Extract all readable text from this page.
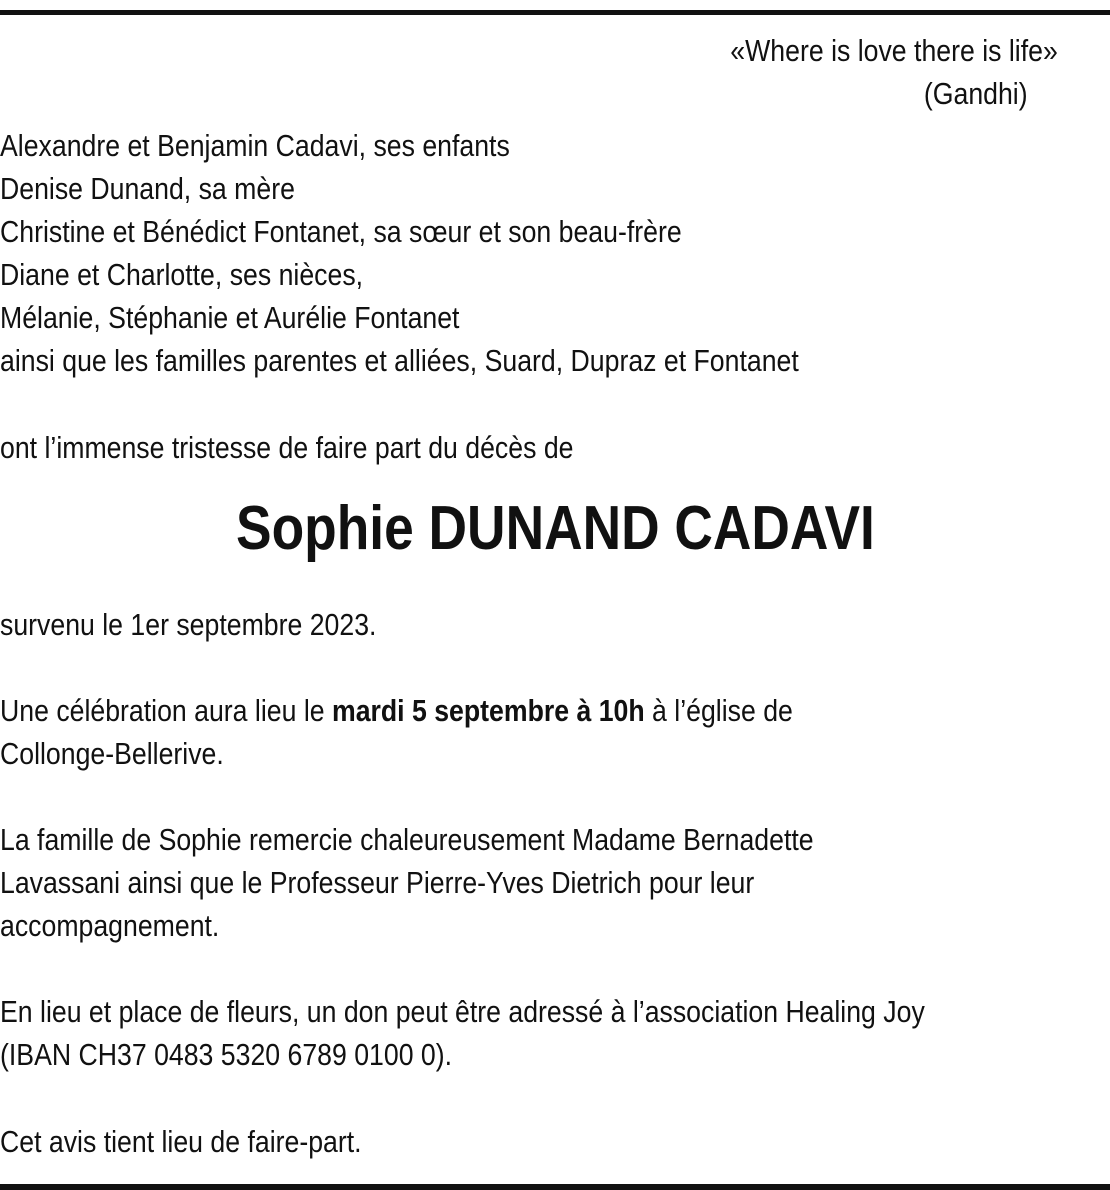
«Where is love there is life»
(Gandhi)
Alexandre et Benjamin Cadavi, ses enfants
Denise Dunand, sa mère
Christine et Bénédict Fontanet, sa sœur et son beau-frère
Diane et Charlotte, ses nièces,
Mélanie, Stéphanie et Aurélie Fontanet
ainsi que les familles parentes et alliées, Suard, Dupraz et Fontanet
ont l’immense tristesse de faire part du décès de
Sophie DUNAND CADAVI
survenu le 1er septembre 2023.
Une célébration aura lieu le mardi 5 septembre à 10h à l’église de
Collonge-Bellerive.
La famille de Sophie remercie chaleureusement Madame Bernadette
Lavassani ainsi que le Professeur Pierre-Yves Dietrich pour leur
accompagnement.
En lieu et place de fleurs, un don peut être adressé à l’association Healing Joy
(IBAN CH37 0483 5320 6789 0100 0).
Cet avis tient lieu de faire-part.
